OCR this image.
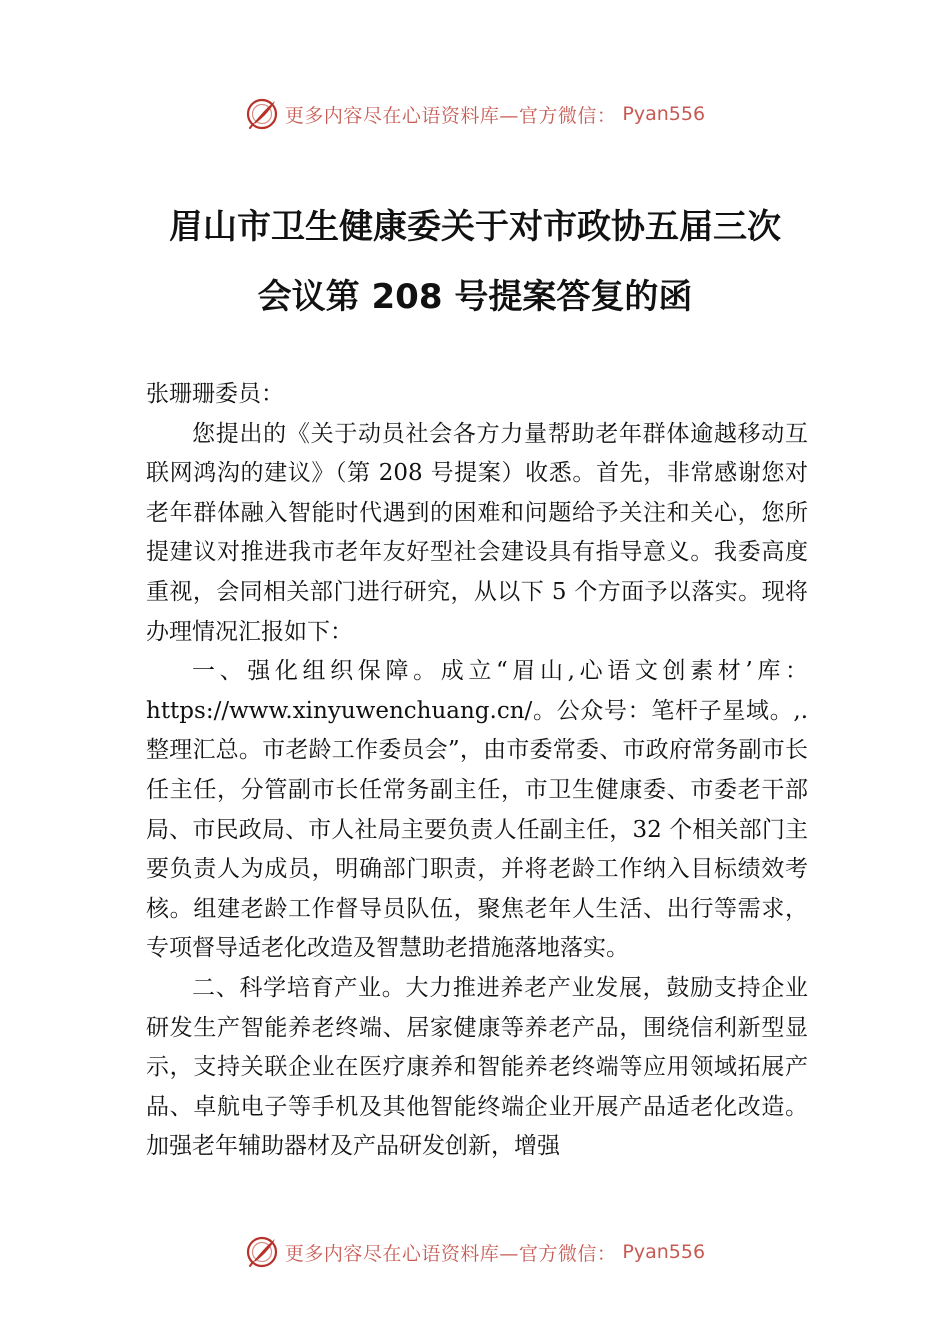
更多内容尽在心语资料库—官方微信： Pyan556
眉山市卫生健康委关于对市政协五届三次
会议第 208 号提案答复的函

张珊珊委员：

您提出的《关于动员社会各方力量帮助老年群体逾越移动互联网鸿沟的建议》（第 208 号提案）收悉。首先，非常感谢您对老年群体融入智能时代遇到的困难和问题给予关注和关心，您所提建议对推进我市老年友好型社会建设具有指导意义。我委高度重视，会同相关部门进行研究，从以下 5 个方面予以落实。现将办理情况汇报如下：

一、强化组织保障。成立“眉山,心语文创素材’库：https://www.xinyuwenchuang.cn/。公众号：笔杆子星域。,.整理汇总。市老龄工作委员会”，由市委常委、市政府常务副市长任主任，分管副市长任常务副主任，市卫生健康委、市委老干部局、市民政局、市人社局主要负责人任副主任，32 个相关部门主要负责人为成员，明确部门职责，并将老龄工作纳入目标绩效考核。组建老龄工作督导员队伍，聚焦老年人生活、出行等需求，专项督导适老化改造及智慧助老措施落地落实。

二、科学培育产业。大力推进养老产业发展，鼓励支持企业研发生产智能养老终端、居家健康等养老产品，围绕信利新型显示，支持关联企业在医疗康养和智能养老终端等应用领域拓展产品、卓航电子等手机及其他智能终端企业开展产品适老化改造。加强老年辅助器材及产品研发创新，增强

更多内容尽在心语资料库—官方微信： Pyan556
